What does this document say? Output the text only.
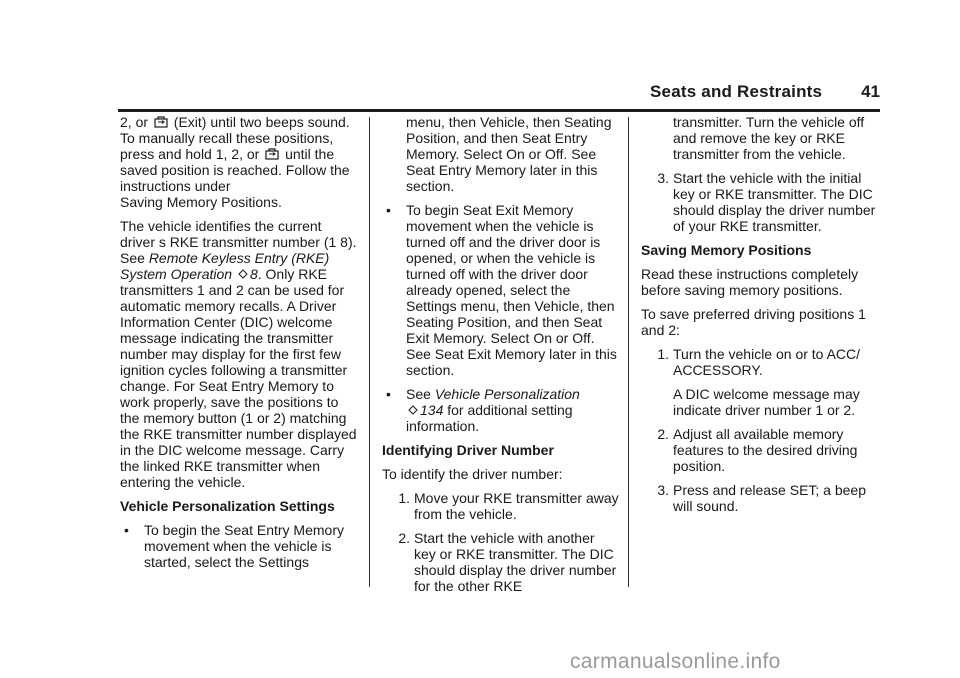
Seats and Restraints 41

2, or  (Exit) until two beeps sound. To manually recall these positions, press and hold 1, 2, or  until the saved position is reached. Follow the instructions under
Saving Memory Positions.

The vehicle identifies the current driver s RKE transmitter number (1 8). See Remote Keyless Entry (RKE) System Operation 8. Only RKE transmitters 1 and 2 can be used for automatic memory recalls. A Driver Information Center (DIC) welcome message indicating the transmitter number may display for the first few ignition cycles following a transmitter change. For Seat Entry Memory to work properly, save the positions to the memory button (1 or 2) matching the RKE transmitter number displayed in the DIC welcome message. Carry the linked RKE transmitter when entering the vehicle.

Vehicle Personalization Settings

• To begin the Seat Entry Memory movement when the vehicle is started, select the Settings
menu, then Vehicle, then Seating Position, and then Seat Entry Memory. Select On or Off. See Seat Entry Memory later in this section.
• To begin Seat Exit Memory movement when the vehicle is turned off and the driver door is opened, or when the vehicle is turned off with the driver door already opened, select the Settings menu, then Vehicle, then Seating Position, and then Seat Exit Memory. Select On or Off. See Seat Exit Memory later in this section.
• See Vehicle Personalization
134 for additional setting information.

Identifying Driver Number

To identify the driver number:

1. Move your RKE transmitter away from the vehicle.
2. Start the vehicle with another key or RKE transmitter. The DIC should display the driver number for the other RKE
transmitter. Turn the vehicle off and remove the key or RKE transmitter from the vehicle.
3. Start the vehicle with the initial key or RKE transmitter. The DIC should display the driver number of your RKE transmitter.

Saving Memory Positions

Read these instructions completely before saving memory positions.

To save preferred driving positions 1 and 2:

1. Turn the vehicle on or to ACC/ ACCESSORY.
A DIC welcome message may indicate driver number 1 or 2.
2. Adjust all available memory features to the desired driving position.
3. Press and release SET; a beep will sound.
carmanualsonline.info
